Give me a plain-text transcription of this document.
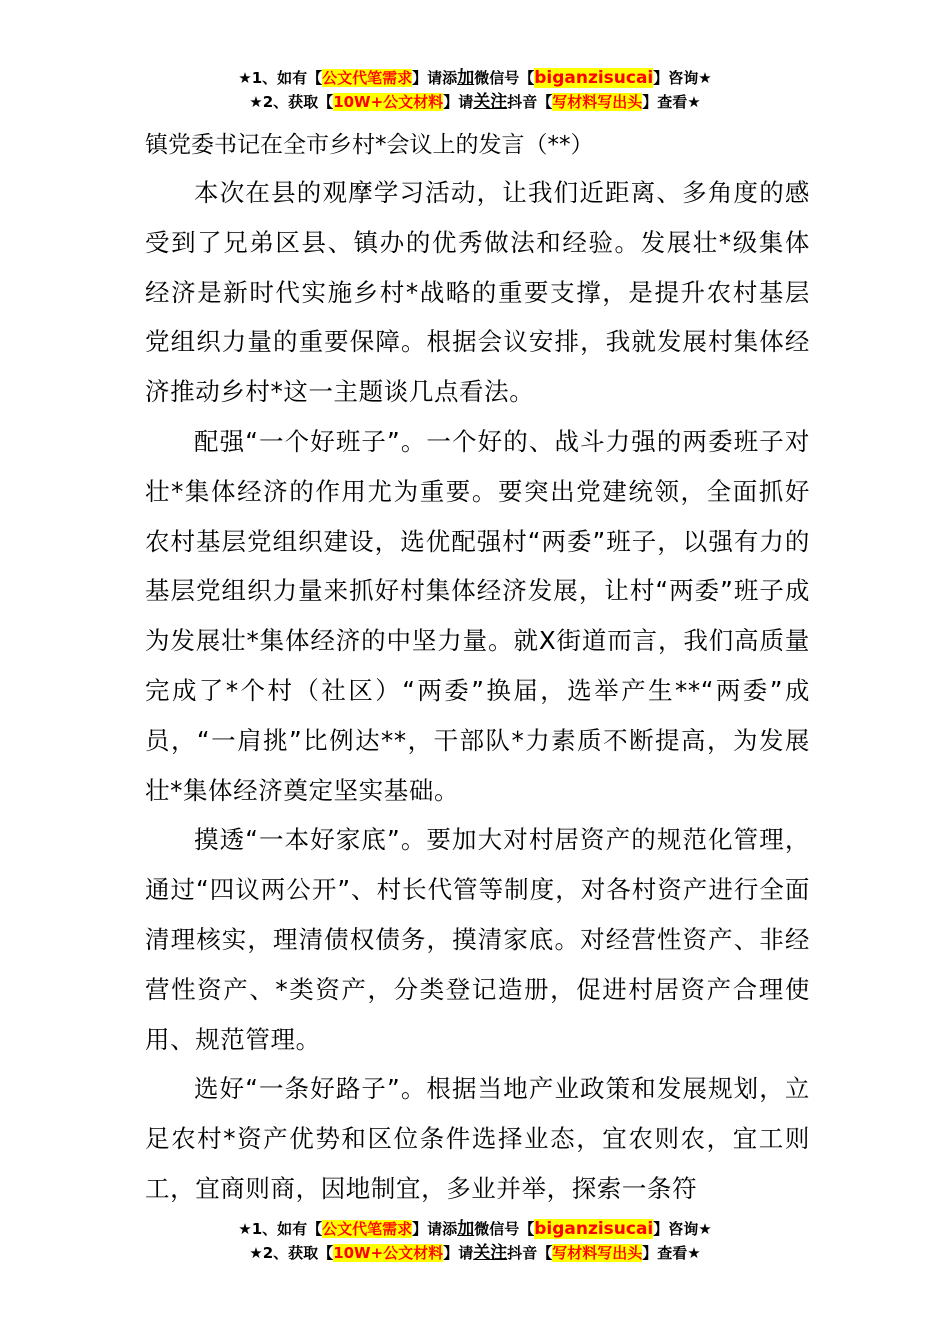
★1、如有【公文代笔需求】请添加微信号【biganzisucai】咨询★
★2、获取【10W+公文材料】请关注抖音【写材料写出头】查看★
镇党委书记在全市乡村*会议上的发言（**）

本次在县的观摩学习活动，让我们近距离、多角度的感受到了兄弟区县、镇办的优秀做法和经验。发展壮*级集体经济是新时代实施乡村*战略的重要支撑，是提升农村基层党组织力量的重要保障。根据会议安排，我就发展村集体经济推动乡村*这一主题谈几点看法。

配强“一个好班子”。一个好的、战斗力强的两委班子对壮*集体经济的作用尤为重要。要突出党建统领，全面抓好农村基层党组织建设，选优配强村“两委”班子，以强有力的基层党组织力量来抓好村集体经济发展，让村“两委”班子成为发展壮*集体经济的中坚力量。就X街道而言，我们高质量完成了*个村（社区）“两委”换届，选举产生**“两委”成员，“一肩挑”比例达**，干部队*力素质不断提高，为发展壮*集体经济奠定坚实基础。

摸透“一本好家底”。要加大对村居资产的规范化管理，通过“四议两公开”、村长代管等制度，对各村资产进行全面清理核实，理清债权债务，摸清家底。对经营性资产、非经营性资产、*类资产，分类登记造册，促进村居资产合理使用、规范管理。

选好“一条好路子”。根据当地产业政策和发展规划，立足农村*资产优势和区位条件选择业态，宜农则农，宜工则工，宜商则商，因地制宜，多业并举，探索一条符

★1、如有【公文代笔需求】请添加微信号【biganzisucai】咨询★
★2、获取【10W+公文材料】请关注抖音【写材料写出头】查看★
